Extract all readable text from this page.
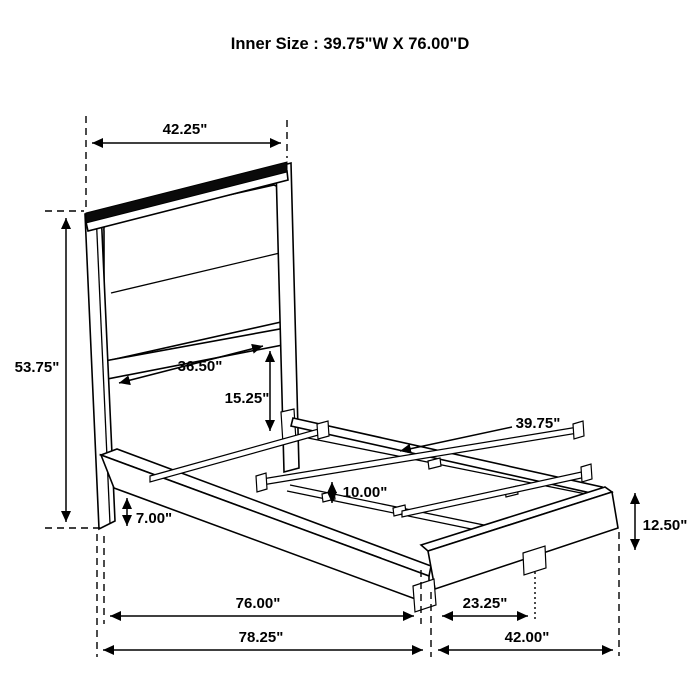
42.25"
53.75"	36.50"
15.25"
39.75"
10.00"
7.00"	12.50"
76.00"	23.25"
78.25"	42.00"
Inner Size : 39.75"W X 76.00"D
